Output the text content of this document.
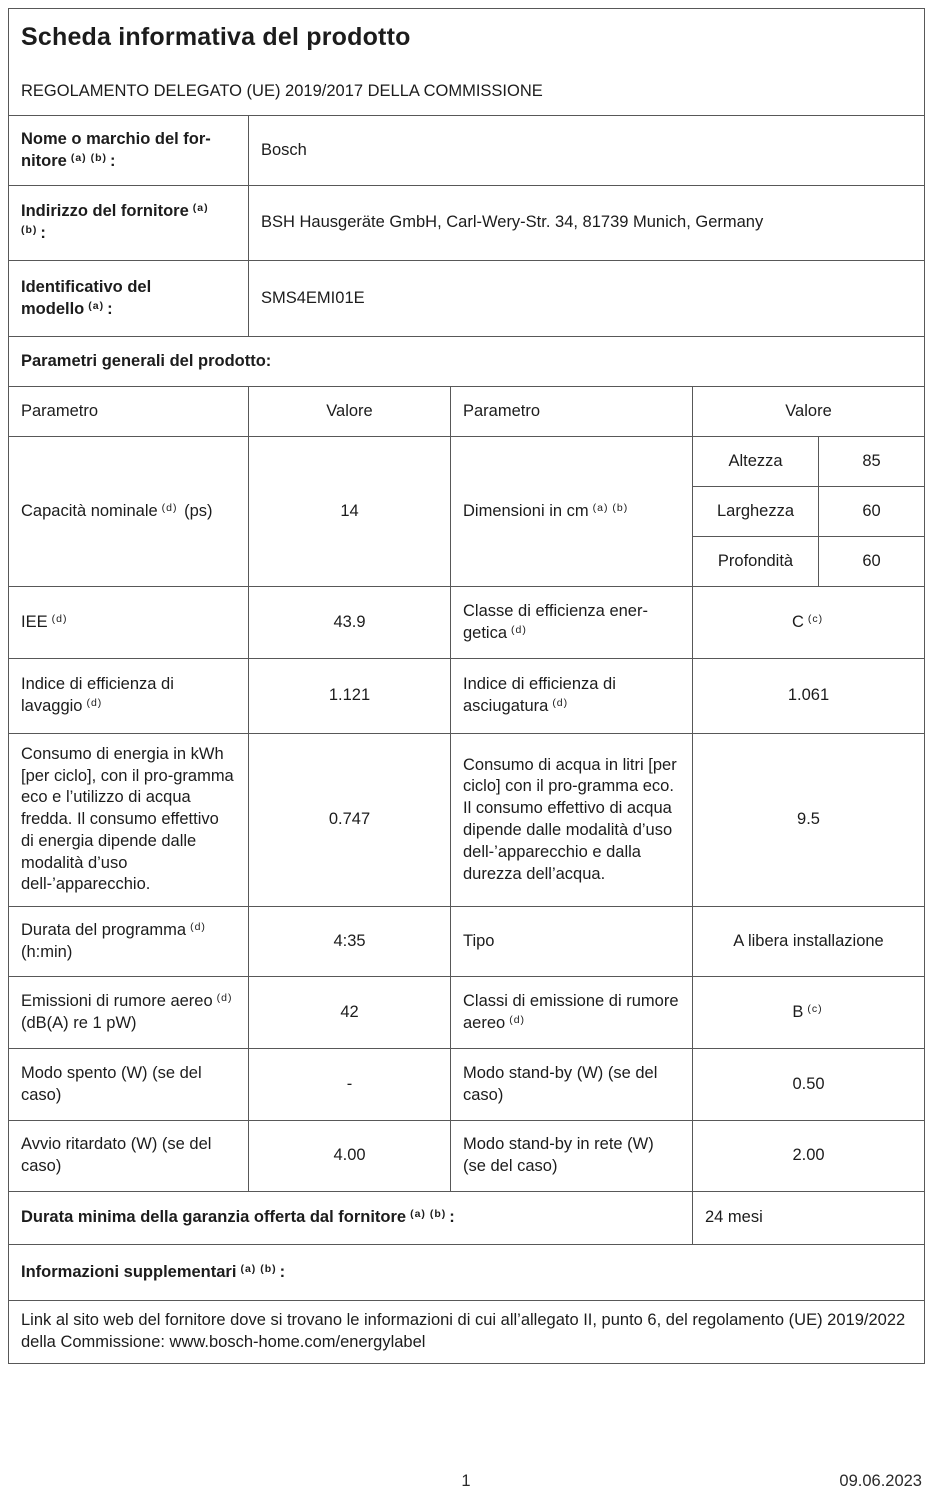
Scheda informativa del prodotto
REGOLAMENTO DELEGATO (UE) 2019/2017 DELLA COMMISSIONE				

Nome o marchio del for-nitore $^{(a) (b)}$ :	Bosch			
Indirizzo del fornitore $^{(a) (b)}$ :	BSH Hausgeräte GmbH, Carl-Wery-Str. 34, 81739 Munich, Germany			
Identificativo del modello $^{(a)}$ :	SMS4EMI01E			
Parametri generali del prodotto:				
Parametro	Valore	Parametro	Valore	
Capacità nominale $^{(d)}$ (ps)	14	Dimensioni in cm $^{(a) (b)}$	Altezza	85
			Larghezza	60
			Profondità	60
IEE $^{(d)}$	43.9	Classe di efficienza ener-getica $^{(d)}$	C $^{(c)}$
Indice di efficienza di lavaggio $^{(d)}$	1.121	Indice di efficienza di asciugatura $^{(d)}$	1.061	
Consumo di energia in kWh [per ciclo], con il pro-gramma eco e l’utilizzo di acqua fredda. Il consumo effettivo di energia dipende dalle modalità d’uso dell-’apparecchio.	0.747	Consumo di acqua in litri [per ciclo] con il pro-gramma eco. Il consumo effettivo di acqua dipende dalle modalità d’uso dell-’apparecchio e dalla durezza dell’acqua.	9.5	
Durata del programma $^{(d)}$ (h:min)	4:35	Tipo	A libera installazione	
Emissioni di rumore aereo $^{(d)}$ (dB(A) re 1 pW)	42	Classi di emissione di rumore aereo $^{(d)}$	B $^{(c)}$
Modo spento (W) (se del caso)	-	Modo stand-by (W) (se del caso)	0.50	
Avvio ritardato (W) (se del caso)	4.00	Modo stand-by in rete (W) (se del caso)	2.00	
Durata minima della garanzia offerta dal fornitore $^{(a) (b)}$ :			24 mesi	
Informazioni supplementari $^{(a) (b)}$ :				
Link al sito web del fornitore dove si trovano le informazioni di cui all’allegato II, punto 6, del regolamento (UE) 2019/2022 della Commissione: www.bosch-home.com/energylabel				
1	09.06.2023
